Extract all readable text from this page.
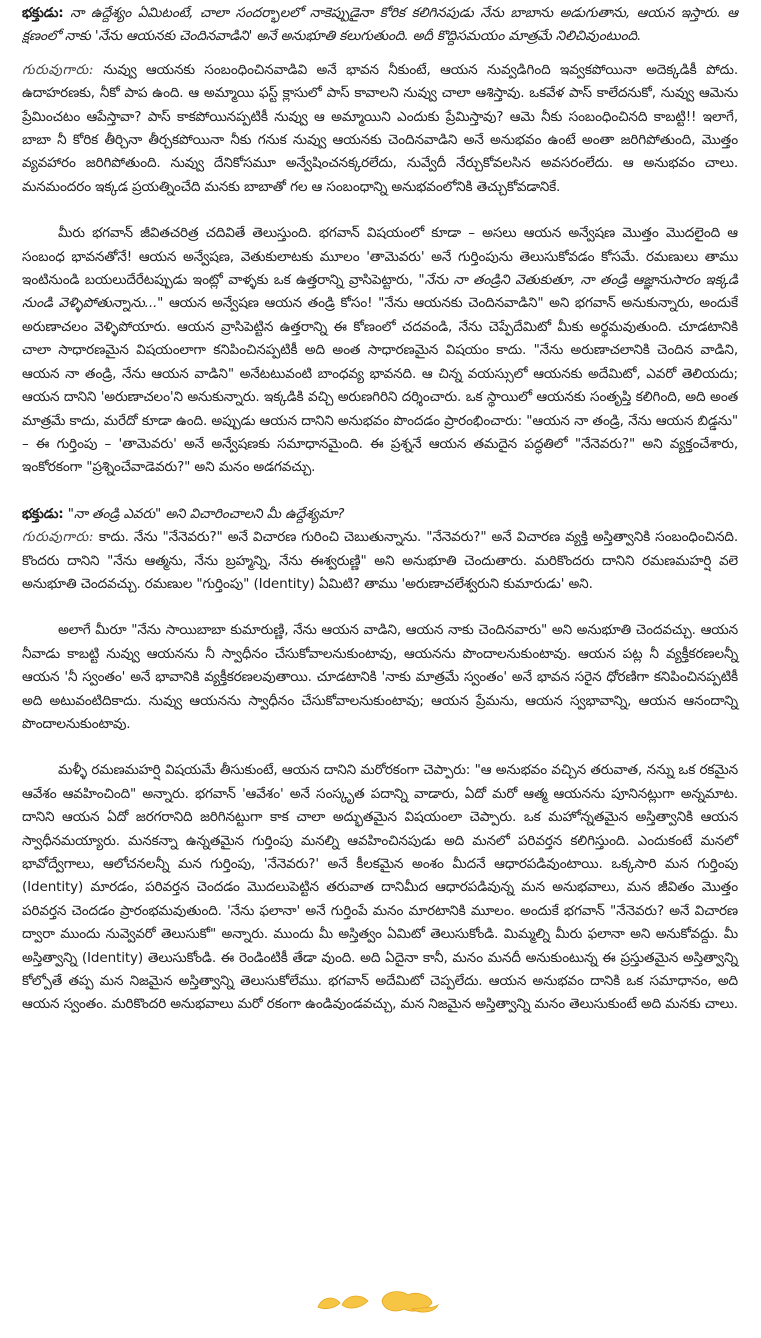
భక్తుడు: నా ఉద్దేశ్యం ఏమిటంటే, చాలా సందర్భాలలో నాకెప్పుడైనా కోరిక కలిగినపుడు నేను బాబాను అడుగుతాను, ఆయన ఇస్తారు. ఆ క్షణంలో నాకు 'నేను ఆయనకు చెందినవాడిని' అనే అనుభూతి కలుగుతుంది. అదీ కొద్దిసమయం మాత్రమే నిలిచివుంటుంది.

గురువుగారు: నువ్వు ఆయనకు సంబంధించినవాడివి అనే భావన నీకుంటే, ఆయన నువ్వడిగింది ఇవ్వకపోయినా అదెక్కడికీ పోదు. ఉదాహరణకు, నీకో పాప ఉంది. ఆ అమ్మాయి ఫస్ట్ క్లాసులో పాస్ కావాలని నువ్వు చాలా ఆశిస్తావు. ఒకవేళ పాస్ కాలేదనుకో, నువ్వు ఆమెను ప్రేమించటం ఆపేస్తావా? పాస్ కాకపోయినప్పటికీ నువ్వు ఆ అమ్మాయిని ఎందుకు ప్రేమిస్తావు? ఆమె నీకు సంబంధించినది కాబట్టి!! ఇలాగే, బాబా నీ కోరిక తీర్చినా తీర్చకపోయినా నీకు గనుక నువ్వు ఆయనకు చెందినవాడిని అనే అనుభవం ఉంటే అంతా జరిగిపోతుంది, మొత్తం వ్యవహారం జరిగిపోతుంది. నువ్వు దేనికోసమూ అన్వేషించనక్కరలేదు, నువ్వేదీ నేర్చుకోవలసిన అవసరంలేదు. ఆ అనుభవం చాలు. మనమందరం ఇక్కడ ప్రయత్నించేది మనకు బాబాతో గల ఆ సంబంధాన్ని అనుభవంలోనికి తెచ్చుకోవడానికే.

మీరు భగవాన్ జీవితచరిత్ర చదివితే తెలుస్తుంది. భగవాన్ విషయంలో కూడా – అసలు ఆయన అన్వేషణ మొత్తం మొదలైంది ఆ సంబంధ భావనతోనే! ఆయన అన్వేషణ, వెతుకులాటకు మూలం 'తామెవరు' అనే గుర్తింపును తెలుసుకోవడం కోసమే. రమణులు తాము ఇంటినుండి బయలుదేరేటప్పుడు ఇంట్లో వాళ్ళకు ఒక ఉత్తరాన్ని వ్రాసిపెట్టారు, "నేను నా తండ్రిని వెతుకుతూ, నా తండ్రి ఆజ్ఞానుసారం ఇక్కడి నుండి వెళ్ళిపోతున్నాను..." ఆయన అన్వేషణ ఆయన తండ్రి కోసం! "నేను ఆయనకు చెందినవాడిని" అని భగవాన్ అనుకున్నారు, అందుకే అరుణాచలం వెళ్ళిపోయారు. ఆయన వ్రాసిపెట్టిన ఉత్తరాన్ని ఈ కోణంలో చదవండి, నేను చెప్పేదేమిటో మీకు అర్థమవుతుంది. చూడటానికి చాలా సాధారణమైన విషయంలాగా కనిపించినప్పటికీ అది అంత సాధారణమైన విషయం కాదు. "నేను అరుణాచలానికి చెందిన వాడిని, ఆయన నా తండ్రి, నేను ఆయన వాడిని" అనేటటువంటి బాంధవ్య భావనది. ఆ చిన్న వయస్సులో ఆయనకు అదేమిటో, ఎవరో తెలియదు; ఆయన దానిని 'అరుణాచలం'ని అనుకున్నారు. ఇక్కడికి వచ్చి అరుణగిరిని దర్శించారు. ఒక స్థాయిలో ఆయనకు సంతృప్తి కలిగింది, అది అంత మాత్రమే కాదు, మరేదో కూడా ఉంది. అప్పుడు ఆయన దానిని అనుభవం పొందడం ప్రారంభించారు: "ఆయన నా తండ్రి, నేను ఆయన బిడ్డను" – ఈ గుర్తింపు – 'తామెవరు' అనే అన్వేషణకు సమాధానమైంది. ఈ ప్రశ్ననే ఆయన తమదైన పద్ధతిలో "నేనెవరు?" అని వ్యక్తంచేశారు, ఇంకోరకంగా "ప్రశ్నించేవాడెవరు?" అని మనం అడగవచ్చు.

భక్తుడు: "నా తండ్రి ఎవరు" అని విచారించాలని మీ ఉద్దేశ్యమా?

గురువుగారు: కాదు. నేను "నేనెవరు?" అనే విచారణ గురించి చెబుతున్నాను. "నేనెవరు?" అనే విచారణ వ్యక్తి అస్తిత్వానికి సంబంధించినది. కొందరు దానిని "నేను ఆత్మను, నేను బ్రహ్మన్ని, నేను ఈశ్వరుణ్ణి" అని అనుభూతి చెందుతారు. మరికొందరు దానిని రమణమహర్షి వలె అనుభూతి చెందవచ్చు. రమణుల "గుర్తింపు" (Identity) ఏమిటి? తాము 'అరుణాచలేశ్వరుని కుమారుడు' అని.

అలాగే మీరూ "నేను సాయిబాబా కుమారుణ్ణి, నేను ఆయన వాడిని, ఆయన నాకు చెందినవారు" అని అనుభూతి చెందవచ్చు. ఆయన నీవాడు కాబట్టి నువ్వు ఆయనను నీ స్వాధీనం చేసుకోవాలనుకుంటావు, ఆయనను పొందాలనుకుంటావు. ఆయన పట్ల నీ వ్యక్తీకరణలన్నీ ఆయన 'నీ స్వంతం' అనే భావానికి వ్యక్తీకరణలవుతాయి. చూడటానికి 'నాకు మాత్రమే స్వంతం' అనే భావన సరైన ధోరణిగా కనిపించినప్పటికీ అది అటువంటిదికాదు. నువ్వు ఆయనను స్వాధీనం చేసుకోవాలనుకుంటావు; ఆయన ప్రేమను, ఆయన స్వభావాన్ని, ఆయన ఆనందాన్ని పొందాలనుకుంటావు.

మళ్ళీ రమణమహర్షి విషయమే తీసుకుంటే, ఆయన దానిని మరోరకంగా చెప్పారు: "ఆ అనుభవం వచ్చిన తరువాత, నన్ను ఒక రకమైన ఆవేశం ఆవహించింది" అన్నారు. భగవాన్ 'ఆవేశం' అనే సంస్కృత పదాన్ని వాడారు, ఏదో మరో ఆత్మ ఆయనను పూనినట్లుగా అన్నమాట. దానిని ఆయన ఏదో జరగరానిది జరిగినట్టుగా కాక చాలా అద్భుతమైన విషయంలా చెప్పారు. ఒక మహోన్నతమైన అస్తిత్వానికి ఆయన స్వాధీనమయ్యారు. మనకన్నా ఉన్నతమైన గుర్తింపు మనల్ని ఆవహించినపుడు అది మనలో పరివర్తన కలిగిస్తుంది. ఎందుకంటే మనలో భావోద్వేగాలు, ఆలోచనలన్నీ మన గుర్తింపు, 'నేనెవరు?' అనే కీలకమైన అంశం మీదనే ఆధారపడివుంటాయి. ఒక్కసారి మన గుర్తింపు (Identity) మారడం, పరివర్తన చెందడం మొదలుపెట్టిన తరువాత దానిమీద ఆధారపడివున్న మన అనుభవాలు, మన జీవితం మొత్తం పరివర్తన చెందడం ప్రారంభమవుతుంది. 'నేను ఫలానా' అనే గుర్తింపే మనం మారటానికి మూలం. అందుకే భగవాన్ "నేనెవరు? అనే విచారణ ద్వారా ముందు నువ్వెవరో తెలుసుకో" అన్నారు. ముందు మీ అస్తిత్వం ఏమిటో తెలుసుకోండి. మిమ్మల్ని మీరు ఫలానా అని అనుకోవద్దు. మీ అస్తిత్వాన్ని (Identity) తెలుసుకోండి. ఈ రెండింటికీ తేడా వుంది. అది ఏదైనా కానీ, మనం మనదీ అనుకుంటున్న ఈ ప్రస్తుతమైన అస్తిత్వాన్ని కోల్పోతే తప్ప మన నిజమైన అస్తిత్వాన్ని తెలుసుకోలేము. భగవాన్ అదేమిటో చెప్పలేదు. ఆయన అనుభవం దానికి ఒక సమాధానం, అది ఆయన స్వంతం. మరికొందరి అనుభవాలు మరో రకంగా ఉండివుండవచ్చు, మన నిజమైన అస్తిత్వాన్ని మనం తెలుసుకుంటే అది మనకు చాలు.
